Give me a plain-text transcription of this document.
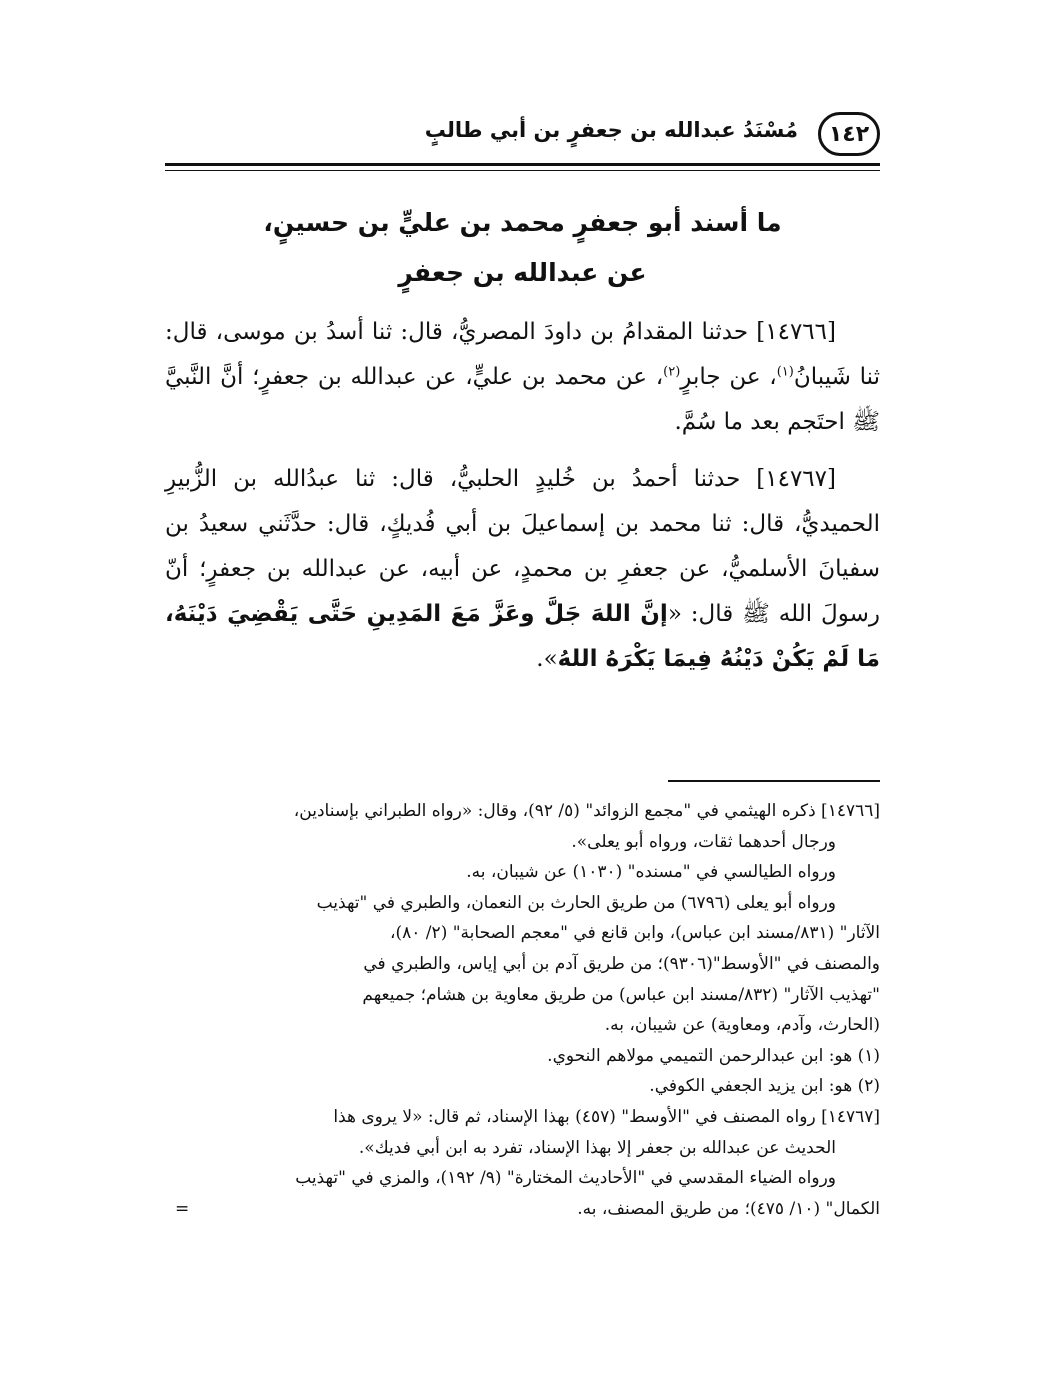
١٤٢
مُسْنَدُ عبدالله بن جعفرٍ بن أبي طالبٍ
ما أسند أبو جعفرٍ محمد بن عليٍّ بن حسينٍ،
عن عبدالله بن جعفرٍ

[١٤٧٦٦] حدثنا المقدامُ بن داودَ المصريُّ، قال: ثنا أسدُ بن موسى، قال: ثنا شَيبانُ$^{(١)}$، عن جابرٍ$^{(٢)}$، عن محمد بن عليٍّ، عن عبدالله بن جعفرٍ؛ أنَّ النَّبيَّ ﷺ احتَجم بعد ما سُمَّ.

[١٤٧٦٧] حدثنا أحمدُ بن خُليدٍ الحلبيُّ، قال: ثنا عبدُالله بن الزُّبيرِ الحميديُّ، قال: ثنا محمد بن إسماعيلَ بن أبي فُديكٍ، قال: حدَّثَني سعيدُ بن سفيانَ الأسلميُّ، عن جعفرِ بن محمدٍ، عن أبيه، عن عبدالله بن جعفرٍ؛ أنّ رسولَ الله ﷺ قال: «إنَّ اللهَ جَلَّ وعَزَّ مَعَ المَدِينِ حَتَّى يَقْضِيَ دَيْنَهُ، مَا لَمْ يَكُنْ دَيْنُهُ فِيمَا يَكْرَهُ اللهُ».

[١٤٧٦٦] ذكره الهيثمي في "مجمع الزوائد" (٥/ ٩٢)، وقال: «رواه الطبراني بإسنادين،

ورجال أحدهما ثقات، ورواه أبو يعلى».

ورواه الطيالسي في "مسنده" (١٠٣٠) عن شيبان، به.

ورواه أبو يعلى (٦٧٩٦) من طريق الحارث بن النعمان، والطبري في "تهذيب

الآثار" (٨٣١/مسند ابن عباس)، وابن قانع في "معجم الصحابة" (٢/ ٨٠)،

والمصنف في "الأوسط"(٩٣٠٦)؛ من طريق آدم بن أبي إياس، والطبري في

"تهذيب الآثار" (٨٣٢/مسند ابن عباس) من طريق معاوية بن هشام؛ جميعهم

(الحارث، وآدم، ومعاوية) عن شيبان، به.

(١) هو: ابن عبدالرحمن التميمي مولاهم النحوي.

(٢) هو: ابن يزيد الجعفي الكوفي.

[١٤٧٦٧] رواه المصنف في "الأوسط" (٤٥٧) بهذا الإسناد، ثم قال: «لا يروى هذا

الحديث عن عبدالله بن جعفر إلا بهذا الإسناد، تفرد به ابن أبي فديك».

ورواه الضياء المقدسي في "الأحاديث المختارة" (٩/ ١٩٢)، والمزي في "تهذيب

الكمال" (١٠/ ٤٧٥)؛ من طريق المصنف، به.
=
